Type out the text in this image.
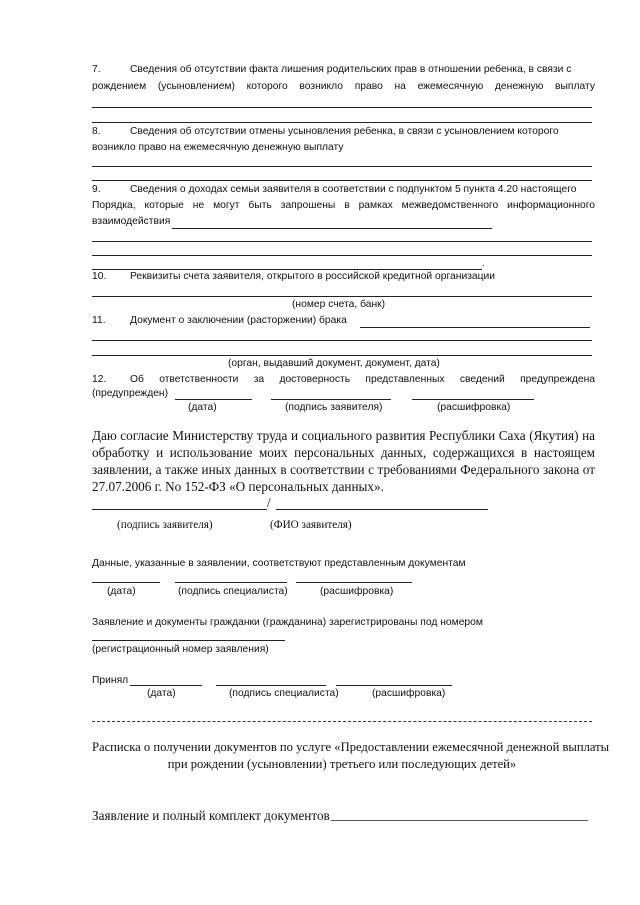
7.	Сведения об отсутствии факта лишения родительских прав в отношении ребенка, в связи с
рождением (усыновлением) которого возникло право на ежемесячную денежную выплату
8.	Сведения об отсутствии отмены усыновления ребенка, в связи с усыновлением которого
возникло право на ежемесячную денежную выплату
9.	Сведения о доходах семьи заявителя в соответствии с подпунктом 5 пункта 4.20 настоящего
Порядка, которые не могут быть запрошены в рамках межведомственного информационного
взаимодействия
.
10. Реквизиты счета заявителя, открытого в российской кредитной организации
(номер счета, банк)
11. Документ о заключении (расторжении) брака
(орган, выдавший документ, документ, дата)
12. Об ответственности за достоверность представленных сведений предупреждена
(предупрежден)
(дата)	(подпись заявителя)	(расшифровка)
Даю согласие Министерству труда и социального развития Республики Саха (Якутия) на
обработку и использование моих персональных данных, содержащихся в настоящем
заявлении, а также иных данных в соответствии с требованиями Федерального закона от
27.07.2006 г. No 152-ФЗ «О персональных данных».
/
(подпись заявителя)	(ФИО заявителя)
Данные, указанные в заявлении, соответствуют представленным документам
(дата)	(подпись специалиста)	(расшифровка)
Заявление и документы гражданки (гражданина) зарегистрированы под номером
(регистрационный номер заявления)
Принял
(дата)	(подпись специалиста)	(расшифровка)
Расписка о получении документов по услуге «Предоставлении ежемесячной денежной выплаты
при рождении (усыновлении) третьего или последующих детей»
Заявление и полный комплект документов
